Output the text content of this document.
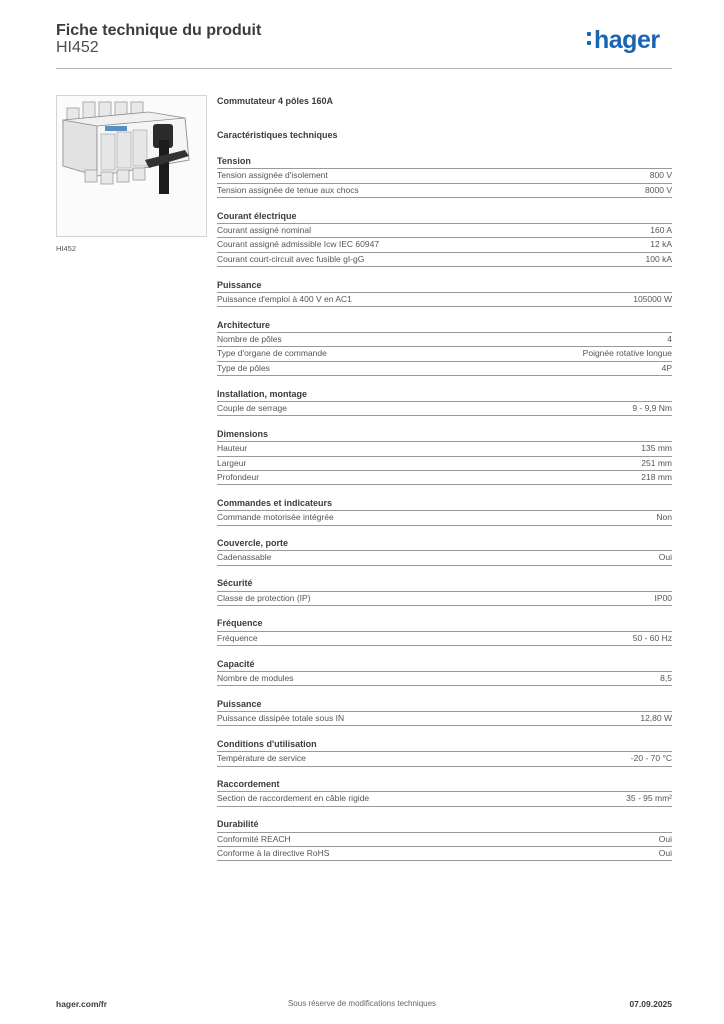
Fiche technique du produit
HI452	hager
HI452
Commutateur 4 pôles 160A
Caractéristiques techniques
Tension
Tension assignée d'isolement	800 V
Tension assignée de tenue aux chocs	8000 V
Courant électrique
Courant assigné nominal	160 A
Courant assigné admissible Icw IEC 60947	12 kA
Courant court-circuit avec fusible gI-gG	100 kA
Puissance
Puissance d'emploi à 400 V en AC1	105000 W
Architecture
Nombre de pôles	4
Type d'organe de commande	Poignée rotative longue
Type de pôles	4P
Installation, montage
Couple de serrage	9 - 9,9 Nm
Dimensions
Hauteur	135 mm
Largeur	251 mm
Profondeur	218 mm
Commandes et indicateurs
Commande motorisée intégrée	Non
Couvercle, porte
Cadenassable	Oui
Sécurité
Classe de protection (IP)	IP00
Fréquence
Fréquence	50 - 60 Hz
Capacité
Nombre de modules	8,5
Puissance
Puissance dissipée totale sous IN	12,80 W
Conditions d'utilisation
Température de service	-20 - 70 °C
Raccordement
Section de raccordement en câble rigide	35 - 95 mm²
Durabilité
Conformité REACH	Oui
Conforme à la directive RoHS	Oui
hager.com/fr	Sous réserve de modifications techniques	07.09.2025
